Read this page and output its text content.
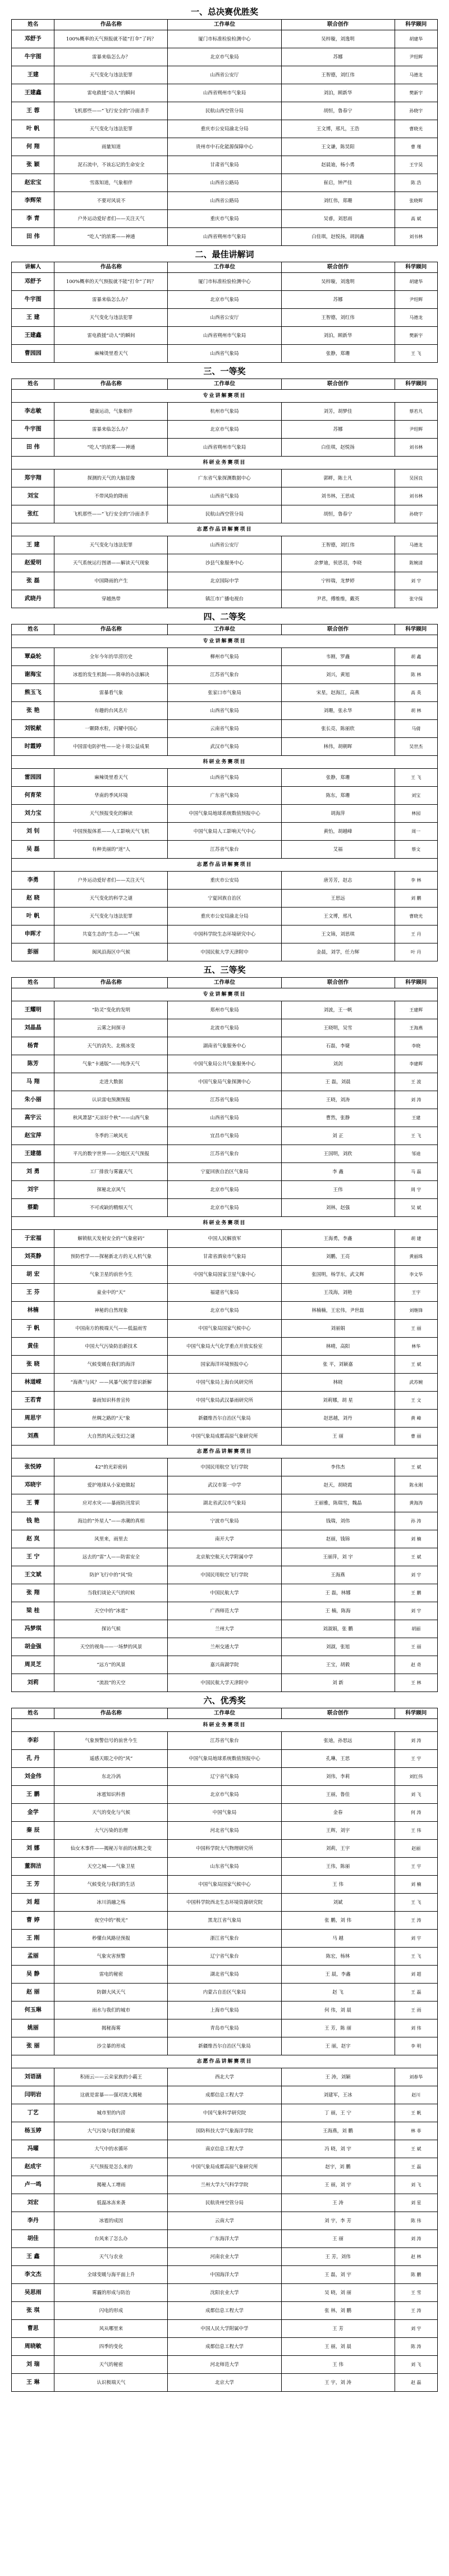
一、总决赛优胜奖
姓名	作品名称	工作单位	联合创作	科学顾问
邓舒予	100%概率的天气预报就不能“打伞”了吗？	厦门市标准检验检测中心	吴梓璇，刘逸明	胡建华
牛宇图	雷暴来临怎么办？	北京市气象局	苏娜	尹绍辉
王建	天气变化与违法犯罪	山西省公安厅	王智德，刘红伟	马德龙
王建鑫	雷电救援“动人”的瞬间	山西省朔州市气象局	刘泊，顾新华	樊新宇
王 蓉	飞机那些——“飞行安全的”冷面杀手	民航山西空管分局	胡恒，鲁春宁	孙晓宇
叶 帆	天气变化与违法犯罪	重庆市公安局渝北分局	王文博，邢凡，王浩	曹晓光
何 翔	雨量知道	贵州市中石化能源保障中心	王文谦，陈昊阳	曹 瑾
张 颖	泥石流中，不该忘记的生命安全	甘肃省气象局	赵晨迪，杨小勇	王宇昊
赵宏宝	雪落知道，气象相伴	山西省公路局	崔启，钟严佳	陈 浩
李辉荣	不要对风说不	山西省公路局	刘红伟，郑珊	张晓辉
李 青	户外运动爱好者们——关注天气	重庆市气象局	吴睿，刘思雨	高 斌
田 伟	“吃人”的浓雾——神通	山西省朔州市气象局	白佳琪，赵悦扬，胡润鑫	刘书林
二、最佳讲解词
讲解人	作品名称	工作单位	联合创作	科学顾问
邓舒予	100%概率的天气预报就不能“打伞”了吗？	厦门市标准检验检测中心	吴梓璇，刘逸明	胡建华
牛宇图	雷暴来临怎么办？	北京市气象局	苏娜	尹绍辉
王 建	天气变化与违法犯罪	山西省公安厅	王智德，刘红伟	马德龙
王建鑫	雷电救援“动人”的瞬间	山西省朔州市气象局	刘泊，顾新华	樊新宇
曹园园	麻辣烫里看天气	山西省气象局	张静，郑珊	王 飞
三、一等奖
姓名	作品名称	工作单位	联合创作	科学顾问
专业讲解赛项目				
李志敏	健康运动，气象相伴	杭州市气象局	刘芳，胡梦佳	蔡若凡
牛宇图	雷暴来临怎么办？	北京市气象局	苏娜	尹绍辉
田 伟	“吃人”的浓雾——神通	山西省朔州市气象局	白佳琪，赵悦扬	刘书林
科研业务赛项目				
郑宇翔	探测的天气的大脑显像	广东省气象探测数据中心	郭畔，陈士凡	吴国良
刘宝	不带风险的降雨	山西省气象局	刘书林，王思成	刘书林
张红	飞机那些——“飞行安全的”冷面杀手	民航山西空管分局	胡恒，鲁春宁	孙晓宇
志愿作品讲解赛项目				
王 建	天气变化与违法犯罪	山西省公安厅	王智德，刘红伟	马德龙
赵爱明	天气系统运行图谱——解读天气现象	沙县气象服务中心	余梦迪，侯思羽，李晓	陈婉清
张 磊	中国降雨的产生	北京国际中学	宁梓瑞，龙梦婷	刘 宇
武晓丹	穿越热带	镇江市广播电视台	尹君，傅维维，戴英	张守保
四、二等奖
姓名	作品名称	工作单位	联合创作	科学顾问
专业讲解赛项目				
覃焱轮	全年今年的旱涝历史	柳州市气象局	韦刚，罗鑫	胡 鑫
谢海宝	冰雹的发生机制——简单的办法解决	江苏省气象台	刘兴，黄旭	陈 林
熊玉飞	雷暴看气象	张家口市气象局	宋星，赵海江，高燕	高 英
张 艳	有趣的台风名片	山西省气象局	刘珊，张永华	胡 林
刘锐献	一颗降水粒，闪耀中国心	云南省气象局	张长亮，陈丽欣	马倩
时霞婷	中国雷电防护性——论十项公益成果	武汉市气象局	林伟，胡朝晖	吴世杰
科研业务赛项目				
雷园园	麻辣烫里看天气	山西省气象局	张静，郑珊	王 飞
何育荣	华南的季风环境	广东省气象局	陈东，郑珊	刘宝
刘力宝	天气预报变化的解读	中国气象局地球系统数值预报中心	胡海萍	林园
刘 钊	中国预报体系——人工影响天气飞机	中国气象局人工影响天气中心	黄怡，胡越峰	周一
吴 磊	有种美丽的“迷”人	江苏省气象台	艾福	蔡文
志愿作品讲解赛项目				
李勇	户外运动爱好者们——关注天气	重庆市公安局	唐芳芳，赵志	李 林
赵 晓	天气变化的科学之谜	宁夏回族自治区	王思远	刘 鹏
叶 帆	天气变化与违法犯罪	重庆市公安局渝北分局	王文博，邢凡	曹晓光
申晖才	共宴生态的“生态——”气候	中国科学院生态环境研究中心	王文锦，刘思琪	王 丹
彭丽	闽风沿海区中气候	中国民航大学天津附中	金晨，刘学，任力辉	叶 丹
五、三等奖
姓名	作品名称	工作单位	联合创作	科学顾问
专业讲解赛项目				
王耀明	“防灵”变化的发明	郑州市气象局	刘波，王一帆	王建辉
刘晶晶	云雾之间探寻	北流市气象局	王晓明，吴雪	王海燕
杨青	天气的消失、北极冰变	湖南省气象服务中心	石磊，李婕	李晓
陈芳	气象“卡通版”——纯净天气	中国气象局公共气象服务中心	刘剑	李建辉
马 翔	走进大数据	中国气象局气象探测中心	王 磊，刘晨	王 波
朱小丽	认识雷电预测预报	江苏省气象局	王晓，刘涛	刘 涛
高宇云	秋风萧瑟“天凉好个秋”——山西气象	山西省气象局	曹然，张静	王建
赵宝萍	冬季的三峡风光	宜昌市气象局	刘 正	王 飞
王建德	平凡的数字世界——全地区天气预报	江苏省气象台	王国明，刘欣	邹迪
刘 勇	工厂排放与雾霾天气	宁夏回族自治区气象局	李 鑫	马 磊
刘宇	探秘北京风气	北京市气象局	王伟	周 宇
蔡勤	不可或缺的精细天气	北京市气象局	刘林，赵强	吴 斌
科研业务赛项目				
于宏福	解锁航天发射安全的“气象密码”	中国人民解放军	王海勇，李鑫	胡 建
刘英静	预防哲学——探秘新北方的无人机气象	甘肃省酒泉市气象局	刘鹏，王亮	黄丽珠
胡 宏	气象卫星的前世今生	中国气象局国家卫星气象中心	张国明，杨学东，武文辉	李文华
王 芬	童业中的“天”	福建省气象局	王茂海，刘艳	王宇
林楠	神秘的自然现象	北京市气象局	林楠楠，王宏伟，尹世磊	刘继锋
于 帆	中国南方的极端天气——低温雨雪	中国气象局国家气候中心	刘丽娟	王 丽
黄佳	中国大气污染防治新技术	中国气象局大气化学重点开放实验室	林晴，高阳	林华
张 晓	气候变暖在我们的海洋	国家海洋环境预报中心	张 平，刘颖嘉	王 斌
林道嵘	“海燕”与风？——风暴气候学常识新解	中国气象局上海台风研究所	林晓	武苏婉
王若青	暴雨知识科普宣传	中国气象局武汉暴雨研究所	刘莉娜，胡 星	王 文
周思宇	丝绸之路的“天”象	新疆维吾尔自治区气象局	赵思越，刘丹	黄 峰
刘燕	大自然的风云变幻之谜	中国气象局成都高原气象研究所	王 丽	曹 丽
志愿作品讲解赛项目				
张悦婷	42°的光彩密码	中国民用航空飞行学院	李伟杰	王 斌
邓晓宇	爱护地球从小家庭做起	武汉市第一中学	赵天，胡晓霞	陈永刚
王 菁	应对水灾——暴雨防汛常识	湖北省武汉市气象局	王丽雅，陈瑞雪，魏晶	黄海涛
钱 艳	海边的“外星人”——赤潮的真相	宁波市气象局	钱瑞，刘伟	孙 涛
赵 岚	风里来，雨里去	南开大学	赵丽，钱锦	刘 楠
王 宁	远去的“雷”人——防雷安全	北京航空航天大学附属中学	王丽萍，刘 宇	王 斌
王文斌	防护飞行中的“风”险	中国民用航空飞行学院	王海燕	刘 宇
张 翔	当我们谈论天气的时候	中国民航大学	王 磊，林娜	王 鹏
梁 桂	天空中的“冰雹”	广西师范大学	王 楠，陈海	刘 宇
冯梦琪	探访气候	兰州大学	刘淑娟，张 鹏	胡丽
胡金强	天空的视角——一场梦的风景	兰州交通大学	刘淑，张旭	王 丽
周灵芝	“远方”的风景	嘉兴南湖学院	王宝，胡毅	赵 奇
刘莉	“流浪”的天空	中国民航大学天津附中	刘 新	王 林
六、优秀奖
姓名	作品名称	工作单位	联合创作	科学顾问
科研业务赛项目				
李彩	气象预警信号的前世今生	江苏省气象台	张迪，孙思远	刘 涛
孔 丹	遥感天眼之中的“风”	中国气象局地球系统数值预报中心	孔琳，王思	王 宇
刘金伟	东北冷涡	辽宁省气象局	刘伟，李莉	刘红伟
王 鹏	冰雹知识科普	北京市气象局	王丽，鲁佳	刘 飞
金学	天气的变化与气候	中国气象局	金春	何 涛
秦 辰	大气污染的治理	河北省气象局	王辉，刘宇	王 伟
刘 娜	仙女木事件——揭秘万年前的冰期之变	中国科学院大气物理研究所	刘莉，王宇	赵丽
董润洁	天空之城——气象卫星	山东省气象局	王伟，陈丽	王 宇
王 芳	气候变化与我们的生活	中国气象局国家气候中心	王 伟	刘 楠
刘 超	冰川消融之殇	中国科学院西北生态环境资源研究院	刘斌	王 飞
曹 婷	夜空中的“极光”	黑龙江省气象局	张 鹏，刘 伟	王 涛
王 刚	秒懂台风路径预报	浙江省气象台	马 越	刘 宇
孟丽	气象灾害预警	辽宁省气象台	陈宏，杨林	王 飞
吴 静	雷电的秘密	湖北省气象局	王 晨，李鑫	刘 超
赵 丽	防御大风天气	内蒙古自治区气象局	赵 飞	王 磊
何玉琳	雨水与我们的城市	上海市气象局	何 伟，刘 晨	王 雨
姚丽	揭秘海雾	青岛市气象局	王 芳，陈 丽	刘 伟
张 丽	沙尘暴的形成	新疆维吾尔自治区气象局	王 丽，赵宇	李 明
志愿作品讲解赛项目				
刘语涵	积雨云——云朵家族的小霸王	西北大学	王 涛，刘颖	刘春华
闫明岩	这就是雷暴——强对流大揭秘	成都信息工程大学	刘建军，王冰	赵川
丁艺	城市里的内涝	中国气象科学研究院	丁 丽，王 宁	王 帆
杨玉婷	大气污染与我们的健康	国防科技大学气象海洋学院	王海燕，刘 鹏	林 菲
冯曜	大气中的水循环	南京信息工程大学	冯 晓，刘 宇	王 斌
赵成宇	天气预报是怎么来的	中国气象局成都高原气象研究所	赵宇，刘 鹏	王 磊
卢一鸣	揭秘人工增雨	兰州大学大气科学学院	王 丽，刘 宇	刘 飞
刘宏	低温冰冻来袭	民航贵州空管分局	王 涛	刘 星
李丹	冰雹的成因	云南大学	刘 宇，李 芳	陈 伟
胡佳	台风来了怎么办	广东海洋大学	王 丽	刘 涛
王 鑫	天气与农业	河南农业大学	王 芳，刘伟	赵 林
李文杰	全球变暖与海平面上升	中国海洋大学	王 磊，刘 宇	陈 鹏
吴思雨	雾霾的形成与防治	沈阳农业大学	吴 晓，刘 丽	王 雪
张 琪	闪电的形成	成都信息工程大学	张 林，刘 鹏	王 涛
曹思	风从哪里来	中国人民大学附属中学	王 芳	刘 宇
周晓敏	四季的变化	成都信息工程大学	王 丽，刘 晨	陈 涛
刘 瑞	天气的秘密	河北师范大学	王 伟	刘 飞
王 琳	认识极端天气	北京大学	王 宇，刘 涛	赵 磊
